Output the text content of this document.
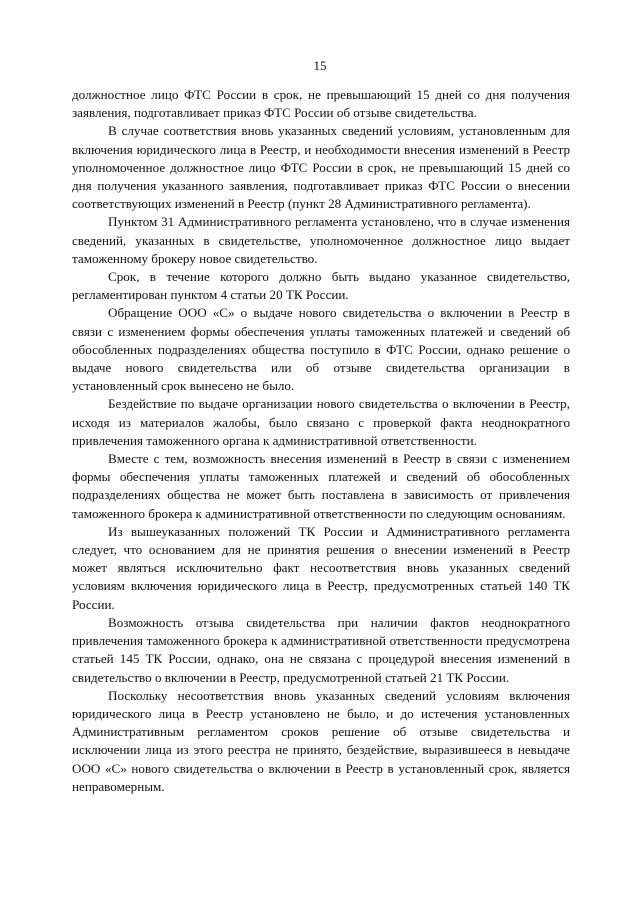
15

должностное лицо ФТС России в срок, не превышающий 15 дней со дня получения заявления, подготавливает приказ ФТС России об отзыве свидетельства.

В случае соответствия вновь указанных сведений условиям, установленным для включения юридического лица в Реестр, и необходимости внесения изменений в Реестр уполномоченное должностное лицо ФТС России в срок, не превышающий 15 дней со дня получения указанного заявления, подготавливает приказ ФТС России о внесении соответствующих изменений в Реестр (пункт 28 Административного регламента).

Пунктом 31 Административного регламента установлено, что в случае изменения сведений, указанных в свидетельстве, уполномоченное должностное лицо выдает таможенному брокеру новое свидетельство.

Срок, в течение которого должно быть выдано указанное свидетельство, регламентирован пунктом 4 статьи 20 ТК России.

Обращение ООО «С» о выдаче нового свидетельства о включении в Реестр в связи с изменением формы обеспечения уплаты таможенных платежей и сведений об обособленных подразделениях общества поступило в ФТС России, однако решение о выдаче нового свидетельства или об отзыве свидетельства организации в установленный срок вынесено не было.

Бездействие по выдаче организации нового свидетельства о включении в Реестр, исходя из материалов жалобы, было связано с проверкой факта неоднократного привлечения таможенного органа к административной ответственности.

Вместе с тем, возможность внесения изменений в Реестр в связи с изменением формы обеспечения уплаты таможенных платежей и сведений об обособленных подразделениях общества не может быть поставлена в зависимость от привлечения таможенного брокера к административной ответственности по следующим основаниям.

Из вышеуказанных положений ТК России и Административного регламента следует, что основанием для не принятия решения о внесении изменений в Реестр может являться исключительно факт несоответствия вновь указанных сведений условиям включения юридического лица в Реестр, предусмотренных статьей 140 ТК России.

Возможность отзыва свидетельства при наличии фактов неоднократного привлечения таможенного брокера к административной ответственности предусмотрена статьей 145 ТК России, однако, она не связана с процедурой внесения изменений в свидетельство о включении в Реестр, предусмотренной статьей 21 ТК России.

Поскольку несоответствия вновь указанных сведений условиям включения юридического лица в Реестр установлено не было, и до истечения установленных Административным регламентом сроков решение об отзыве свидетельства и исключении лица из этого реестра не принято, бездействие, выразившееся в невыдаче ООО «С» нового свидетельства о включении в Реестр в установленный срок, является неправомерным.
